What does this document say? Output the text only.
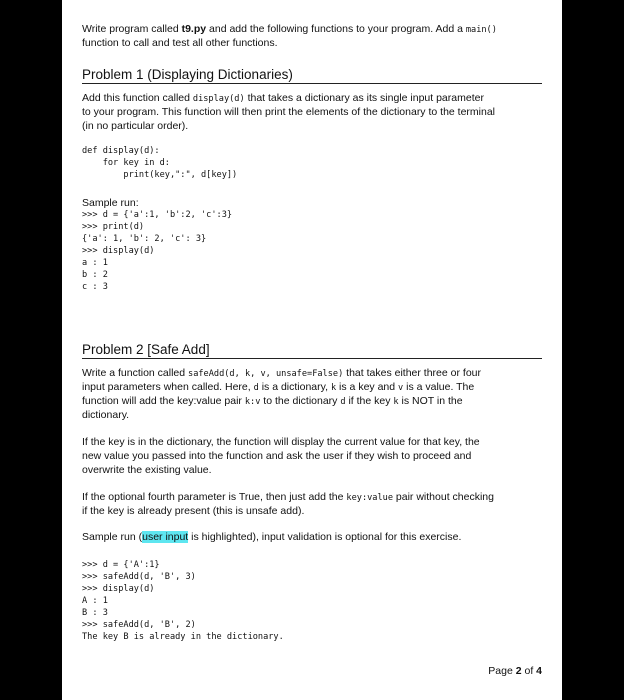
Write program called t9.py and add the following functions to your program. Add a main()
function to call and test all other functions.
Problem 1 (Displaying Dictionaries)
Add this function called display(d) that takes a dictionary as its single input parameter
to your program. This function will then print the elements of the dictionary to the terminal
(in no particular order).
def display(d):
for key in d:
print(key,":", d[key])
Sample run:
>>> d = {'a':1, 'b':2, 'c':3}
>>> print(d)
{'a': 1, 'b': 2, 'c': 3}
>>> display(d)
a : 1
b : 2
c : 3
Problem 2 [Safe Add]
Write a function called safeAdd(d, k, v, unsafe=False) that takes either three or four
input parameters when called. Here, d is a dictionary, k is a key and v is a value. The
function will add the key:value pair k:v to the dictionary d if the key k is NOT in the
dictionary.
If the key is in the dictionary, the function will display the current value for that key, the
new value you passed into the function and ask the user if they wish to proceed and
overwrite the existing value.
If the optional fourth parameter is True, then just add the key:value pair without checking
if the key is already present (this is unsafe add).
Sample run (user input is highlighted), input validation is optional for this exercise.
>>> d = {'A':1}
>>> safeAdd(d, 'B', 3)
>>> display(d)
A : 1
B : 3
>>> safeAdd(d, 'B', 2)
The key B is already in the dictionary.
Page 2 of 4
